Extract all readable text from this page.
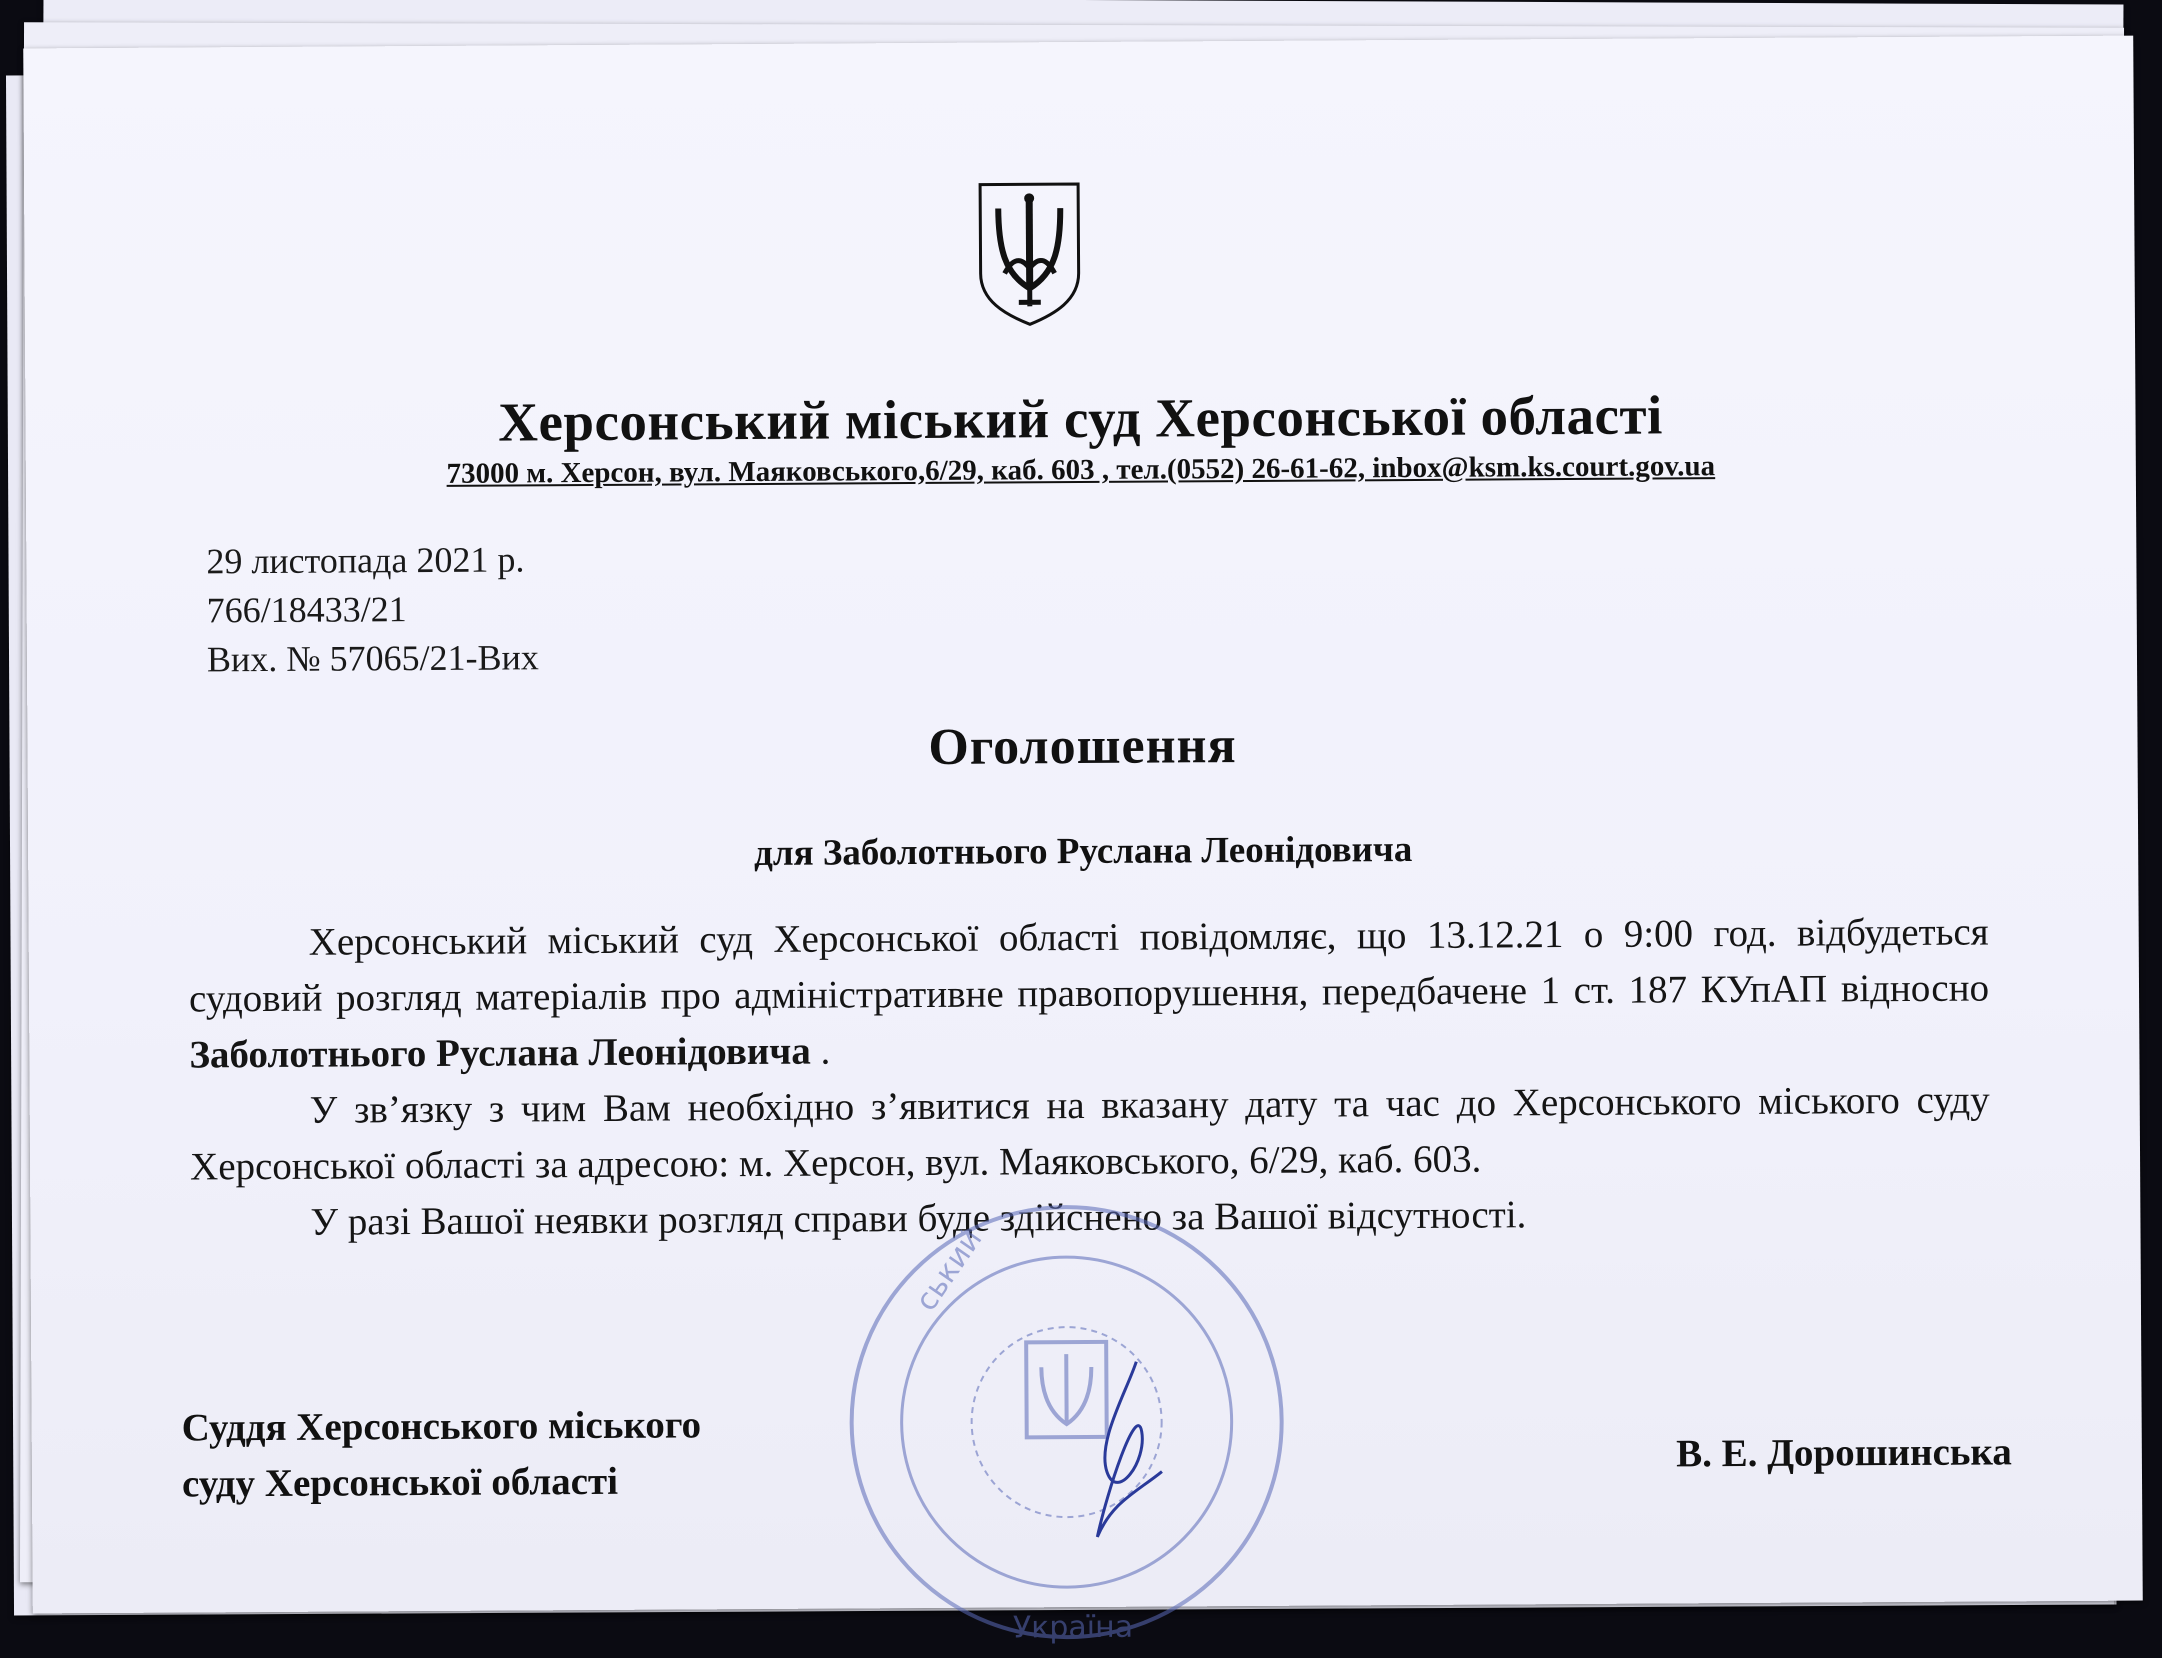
Херсонський міський суд Херсонської області
73000 м. Херсон, вул. Маяковського,6/29, каб. 603 , тел.(0552) 26-61-62, inbox@ksm.ks.court.gov.ua
29 листопада 2021 р.
766/18433/21
Вих. № 57065/21-Вих
Оголошення
для Заболотнього Руслана Леонідовича

Херсонський міський суд Херсонської області повідомляє, що 13.12.21 о 9:00 год. відбудеться судовий розгляд матеріалів про адміністративне правопорушення, передбачене 1 ст. 187 КУпАП відносно Заболотнього Руслана Леонідовича .

У зв’язку з чим Вам необхідно з’явитися на вказану дату та час до Херсонського міського суду Херсонської області за адресою: м. Херсон, вул. Маяковського, 6/29, каб. 603.

У разі Вашої неявки розгляд справи буде здійснено за Вашої відсутності.

ський
Україна
Суддя Херсонського міського
суду Херсонської області
В. Е. Дорошинська
